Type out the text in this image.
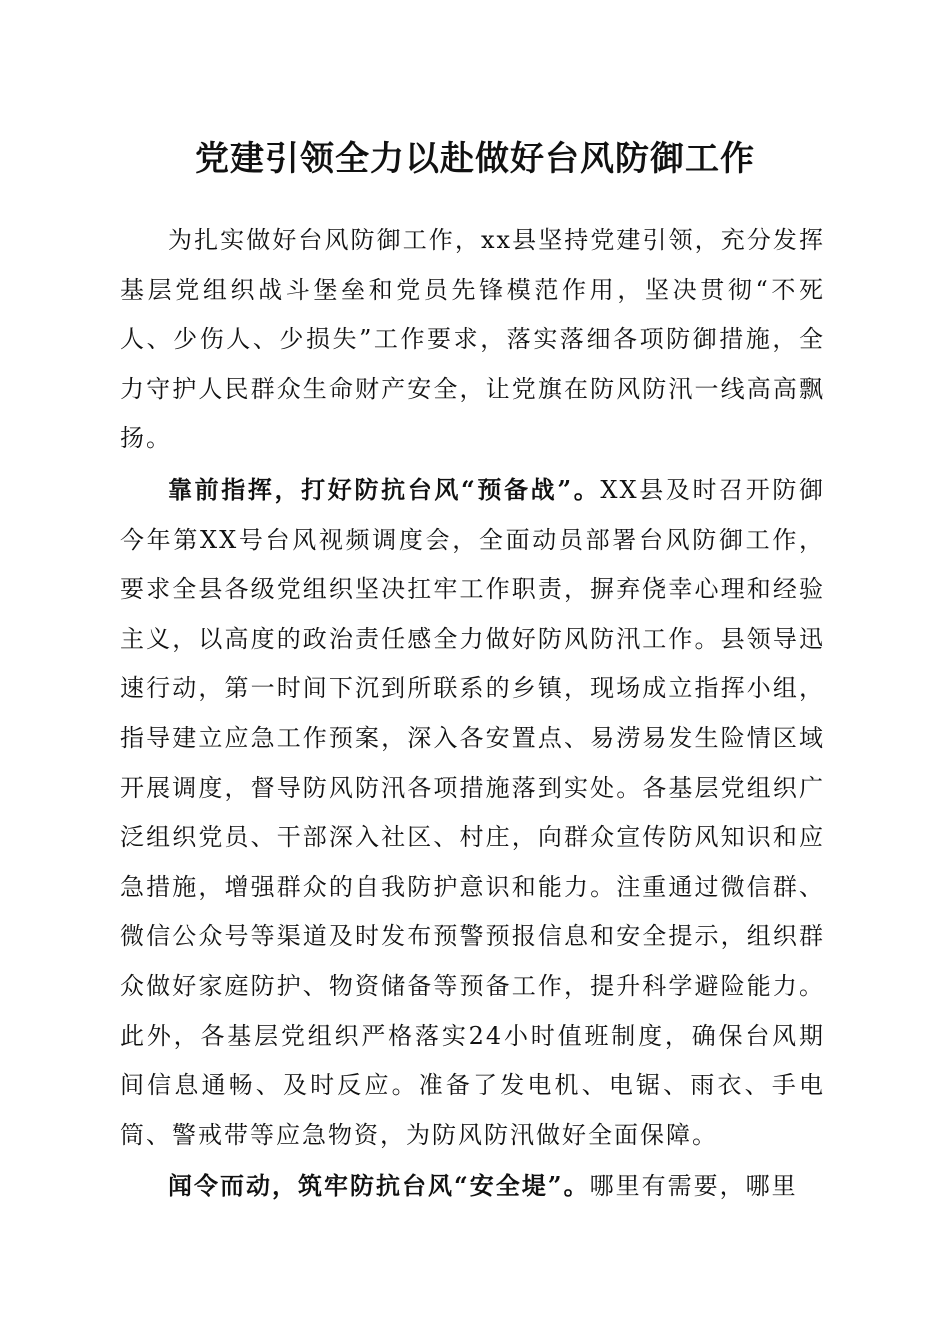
党建引领全力以赴做好台风防御工作

为扎实做好台风防御工作，xx县坚持党建引领，充分发挥基层党组织战斗堡垒和党员先锋模范作用，坚决贯彻“不死人、少伤人、少损失”工作要求，落实落细各项防御措施，全力守护人民群众生命财产安全，让党旗在防风防汛一线高高飘扬。

靠前指挥，打好防抗台风“预备战”。XX县及时召开防御今年第XX号台风视频调度会，全面动员部署台风防御工作，要求全县各级党组织坚决扛牢工作职责，摒弃侥幸心理和经验主义，以高度的政治责任感全力做好防风防汛工作。县领导迅速行动，第一时间下沉到所联系的乡镇，现场成立指挥小组，指导建立应急工作预案，深入各安置点、易涝易发生险情区域开展调度，督导防风防汛各项措施落到实处。各基层党组织广泛组织党员、干部深入社区、村庄，向群众宣传防风知识和应急措施，增强群众的自我防护意识和能力。注重通过微信群、微信公众号等渠道及时发布预警预报信息和安全提示，组织群众做好家庭防护、物资储备等预备工作，提升科学避险能力。此外，各基层党组织严格落实24小时值班制度，确保台风期间信息通畅、及时反应。准备了发电机、电锯、雨衣、手电筒、警戒带等应急物资，为防风防汛做好全面保障。

闻令而动，筑牢防抗台风“安全堤”。哪里有需要，哪里
